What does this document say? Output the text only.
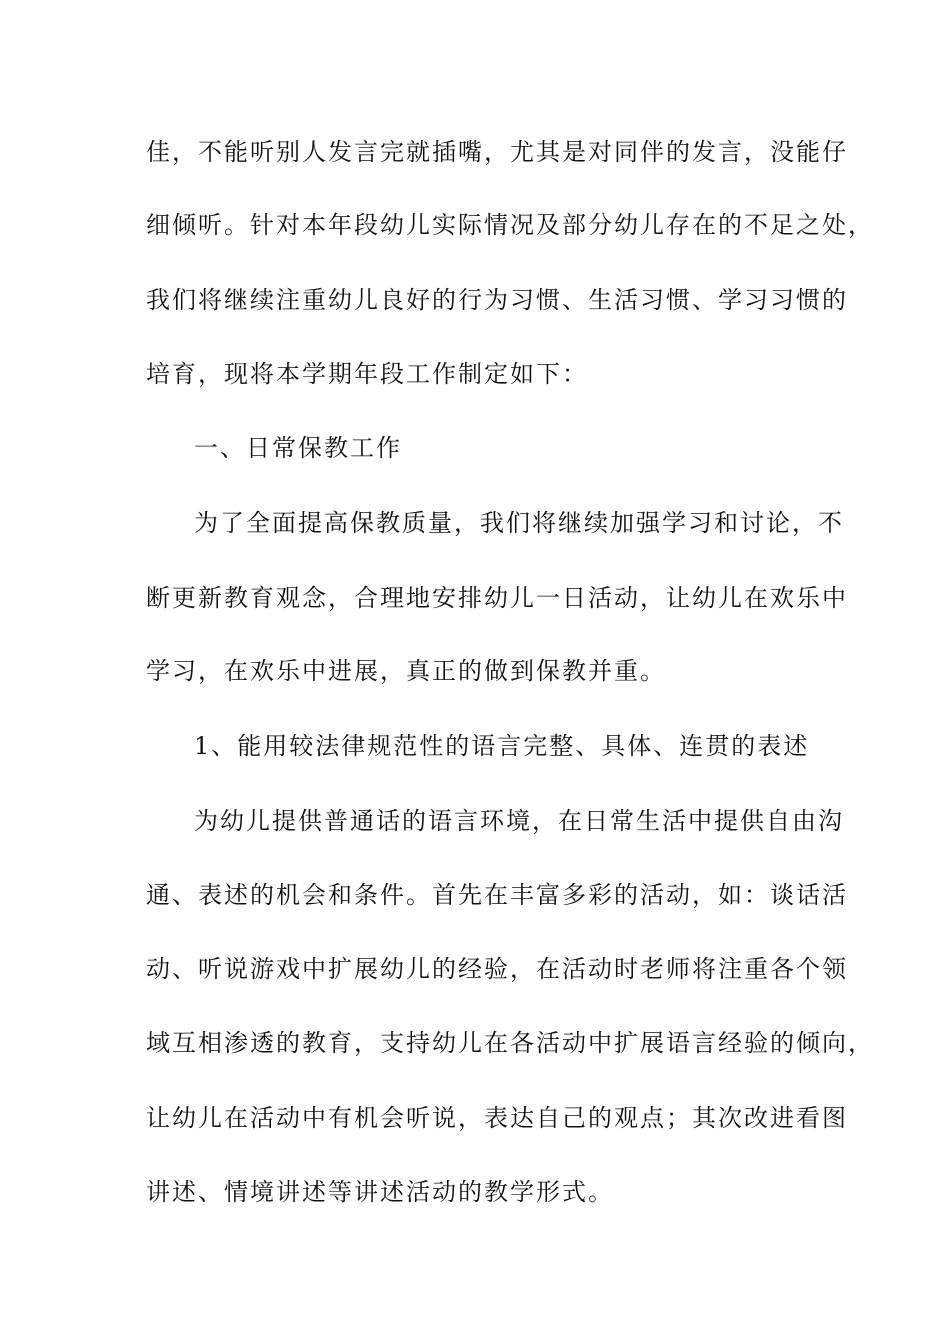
佳，不能听别人发言完就插嘴，尤其是对同伴的发言，没能仔
细倾听。针对本年段幼儿实际情况及部分幼儿存在的不足之处，
我们将继续注重幼儿良好的行为习惯、生活习惯、学习习惯的
培育，现将本学期年段工作制定如下：
一、日常保教工作
为了全面提高保教质量，我们将继续加强学习和讨论，不
断更新教育观念，合理地安排幼儿一日活动，让幼儿在欢乐中
学习，在欢乐中进展，真正的做到保教并重。
1、能用较法律规范性的语言完整、具体、连贯的表述
为幼儿提供普通话的语言环境，在日常生活中提供自由沟
通、表述的机会和条件。首先在丰富多彩的活动，如：谈话活
动、听说游戏中扩展幼儿的经验，在活动时老师将注重各个领
域互相渗透的教育，支持幼儿在各活动中扩展语言经验的倾向，
让幼儿在活动中有机会听说，表达自己的观点；其次改进看图
讲述、情境讲述等讲述活动的教学形式。
